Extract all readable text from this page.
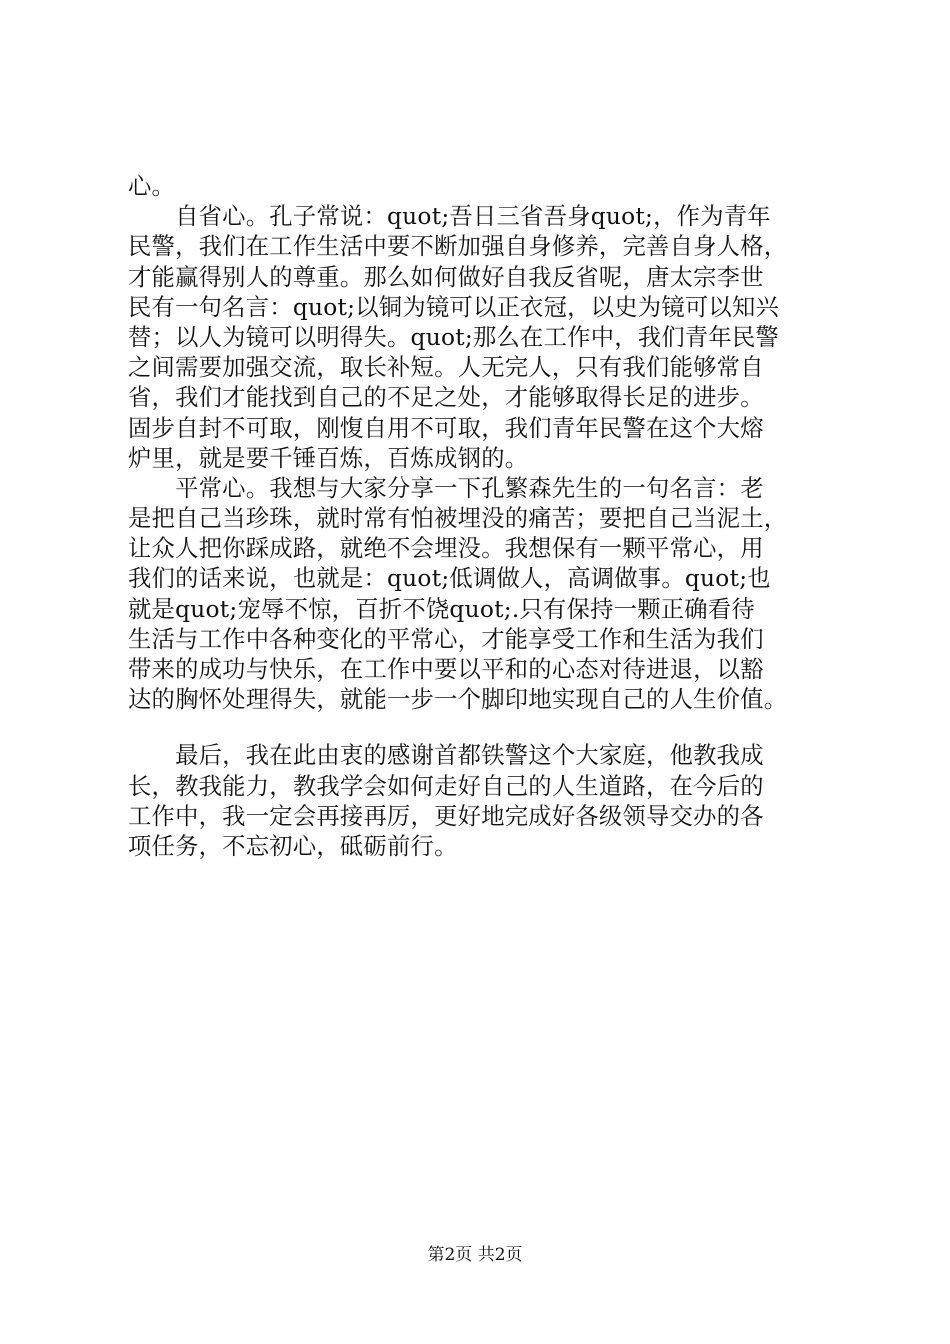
心。
　　自省心。孔子常说：quot;吾日三省吾身quot;，作为青年
民警，我们在工作生活中要不断加强自身修养，完善自身人格，
才能赢得别人的尊重。那么如何做好自我反省呢，唐太宗李世
民有一句名言：quot;以铜为镜可以正衣冠，以史为镜可以知兴
替；以人为镜可以明得失。quot;那么在工作中，我们青年民警
之间需要加强交流，取长补短。人无完人，只有我们能够常自
省，我们才能找到自己的不足之处，才能够取得长足的进步。
固步自封不可取，刚愎自用不可取，我们青年民警在这个大熔
炉里，就是要千锤百炼，百炼成钢的。
　　平常心。我想与大家分享一下孔繁森先生的一句名言：老
是把自己当珍珠，就时常有怕被埋没的痛苦；要把自己当泥土，
让众人把你踩成路，就绝不会埋没。我想保有一颗平常心，用
我们的话来说，也就是：quot;低调做人，高调做事。quot;也
就是quot;宠辱不惊，百折不饶quot;.只有保持一颗正确看待
生活与工作中各种变化的平常心，才能享受工作和生活为我们
带来的成功与快乐，在工作中要以平和的心态对待进退，以豁
达的胸怀处理得失，就能一步一个脚印地实现自己的人生价值。
　　最后，我在此由衷的感谢首都铁警这个大家庭，他教我成
长，教我能力，教我学会如何走好自己的人生道路，在今后的
工作中，我一定会再接再厉，更好地完成好各级领导交办的各
项任务，不忘初心，砥砺前行。
第2页 共2页
